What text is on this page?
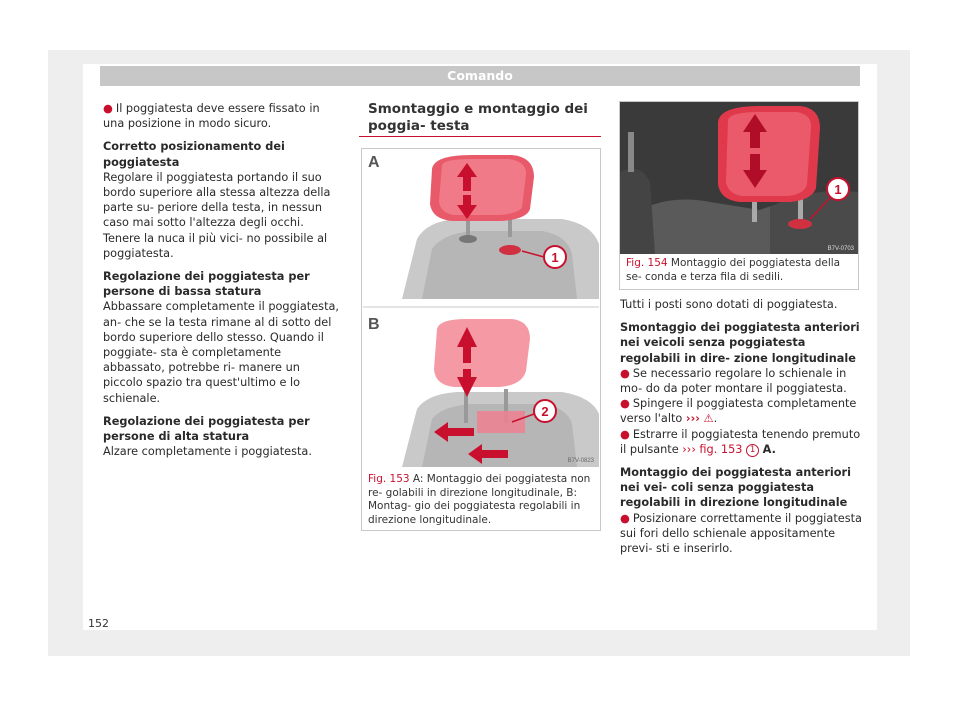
Comando

● Il poggiatesta deve essere fissato in una posizione in modo sicuro.

Corretto posizionamento dei poggiatesta

Regolare il poggiatesta portando il suo bordo superiore alla stessa altezza della parte su- periore della testa, in nessun caso mai sotto l'altezza degli occhi. Tenere la nuca il più vici- no possibile al poggiatesta.

Regolazione dei poggiatesta per persone di bassa statura

Abbassare completamente il poggiatesta, an- che se la testa rimane al di sotto del bordo superiore dello stesso. Quando il poggiate- sta è completamente abbassato, potrebbe ri- manere un piccolo spazio tra quest'ultimo e lo schienale.

Regolazione dei poggiatesta per persone di alta statura

Alzare completamente i poggiatesta.

Smontaggio e montaggio dei poggia- testa
1
A
2
B
B7V-0823
Fig. 153 A: Montaggio dei poggiatesta non re- golabili in direzione longitudinale, B: Montag- gio dei poggiatesta regolabili in direzione longitudinale.
1
B7V-0703
Fig. 154 Montaggio dei poggiatesta della se- conda e terza fila di sedili.

Tutti i posti sono dotati di poggiatesta.

Smontaggio dei poggiatesta anteriori nei veicoli senza poggiatesta regolabili in dire- zione longitudinale

● Se necessario regolare lo schienale in mo- do da poter montare il poggiatesta.
● Spingere il poggiatesta completamente verso l'alto ››› ⚠.
● Estrarre il poggiatesta tenendo premuto il pulsante ››› fig. 153 1 A.

Montaggio dei poggiatesta anteriori nei vei- coli senza poggiatesta regolabili in direzione longitudinale

● Posizionare correttamente il poggiatesta sui fori dello schienale appositamente previ- sti e inserirlo.
152
